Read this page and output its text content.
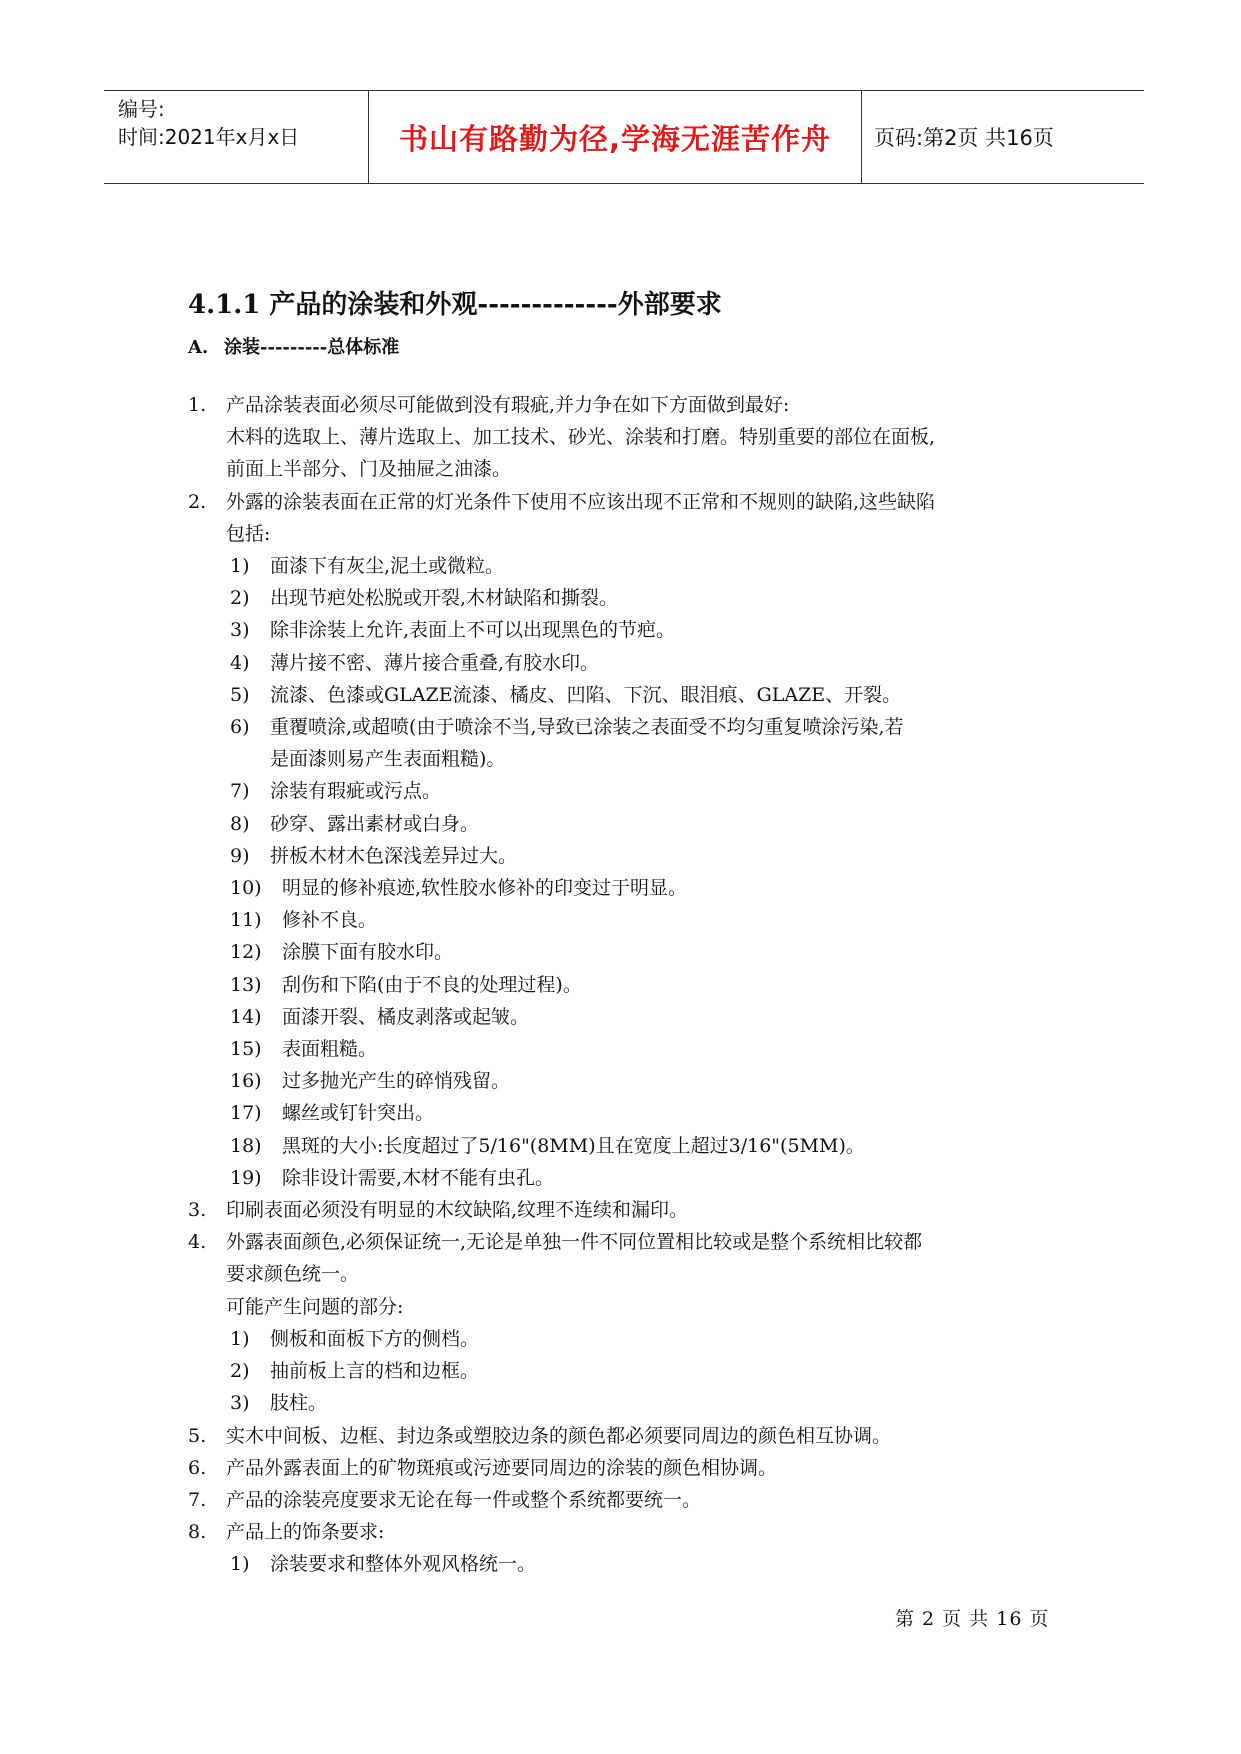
编号:
时间:2021年x月x日	书山有路勤为径,学海无涯苦作舟	页码:第2页 共16页
4.1.1 产品的涂装和外观-------------外部要求
A. 涂装---------总体标准
1. 产品涂装表面必须尽可能做到没有瑕疵,并力争在如下方面做到最好:
木料的选取上、薄片选取上、加工技术、砂光、涂装和打磨。特别重要的部位在面板,
前面上半部分、门及抽屉之油漆。
2. 外露的涂装表面在正常的灯光条件下使用不应该出现不正常和不规则的缺陷,这些缺陷
包括:
1) 面漆下有灰尘,泥土或微粒。
2) 出现节疤处松脱或开裂,木材缺陷和撕裂。
3) 除非涂装上允许,表面上不可以出现黑色的节疤。
4) 薄片接不密、薄片接合重叠,有胶水印。
5) 流漆、色漆或GLAZE流漆、橘皮、凹陷、下沉、眼泪痕、GLAZE、开裂。
6) 重覆喷涂,或超喷(由于喷涂不当,导致已涂装之表面受不均匀重复喷涂污染,若
是面漆则易产生表面粗糙)。
7) 涂装有瑕疵或污点。
8) 砂穿、露出素材或白身。
9) 拼板木材木色深浅差异过大。
10) 明显的修补痕迹,软性胶水修补的印变过于明显。
11) 修补不良。
12) 涂膜下面有胶水印。
13) 刮伤和下陷(由于不良的处理过程)。
14) 面漆开裂、橘皮剥落或起皱。
15) 表面粗糙。
16) 过多抛光产生的碎悄残留。
17) 螺丝或钉针突出。
18) 黑斑的大小:长度超过了5/16"(8MM)且在宽度上超过3/16"(5MM)。
19) 除非设计需要,木材不能有虫孔。
3. 印刷表面必须没有明显的木纹缺陷,纹理不连续和漏印。
4. 外露表面颜色,必须保证统一,无论是单独一件不同位置相比较或是整个系统相比较都
要求颜色统一。
可能产生问题的部分:
1) 侧板和面板下方的侧档。
2) 抽前板上言的档和边框。
3) 肢柱。
5. 实木中间板、边框、封边条或塑胶边条的颜色都必须要同周边的颜色相互协调。
6. 产品外露表面上的矿物斑痕或污迹要同周边的涂装的颜色相协调。
7. 产品的涂装亮度要求无论在每一件或整个系统都要统一。
8. 产品上的饰条要求:
1) 涂装要求和整体外观风格统一。
第 2 页 共 16 页
